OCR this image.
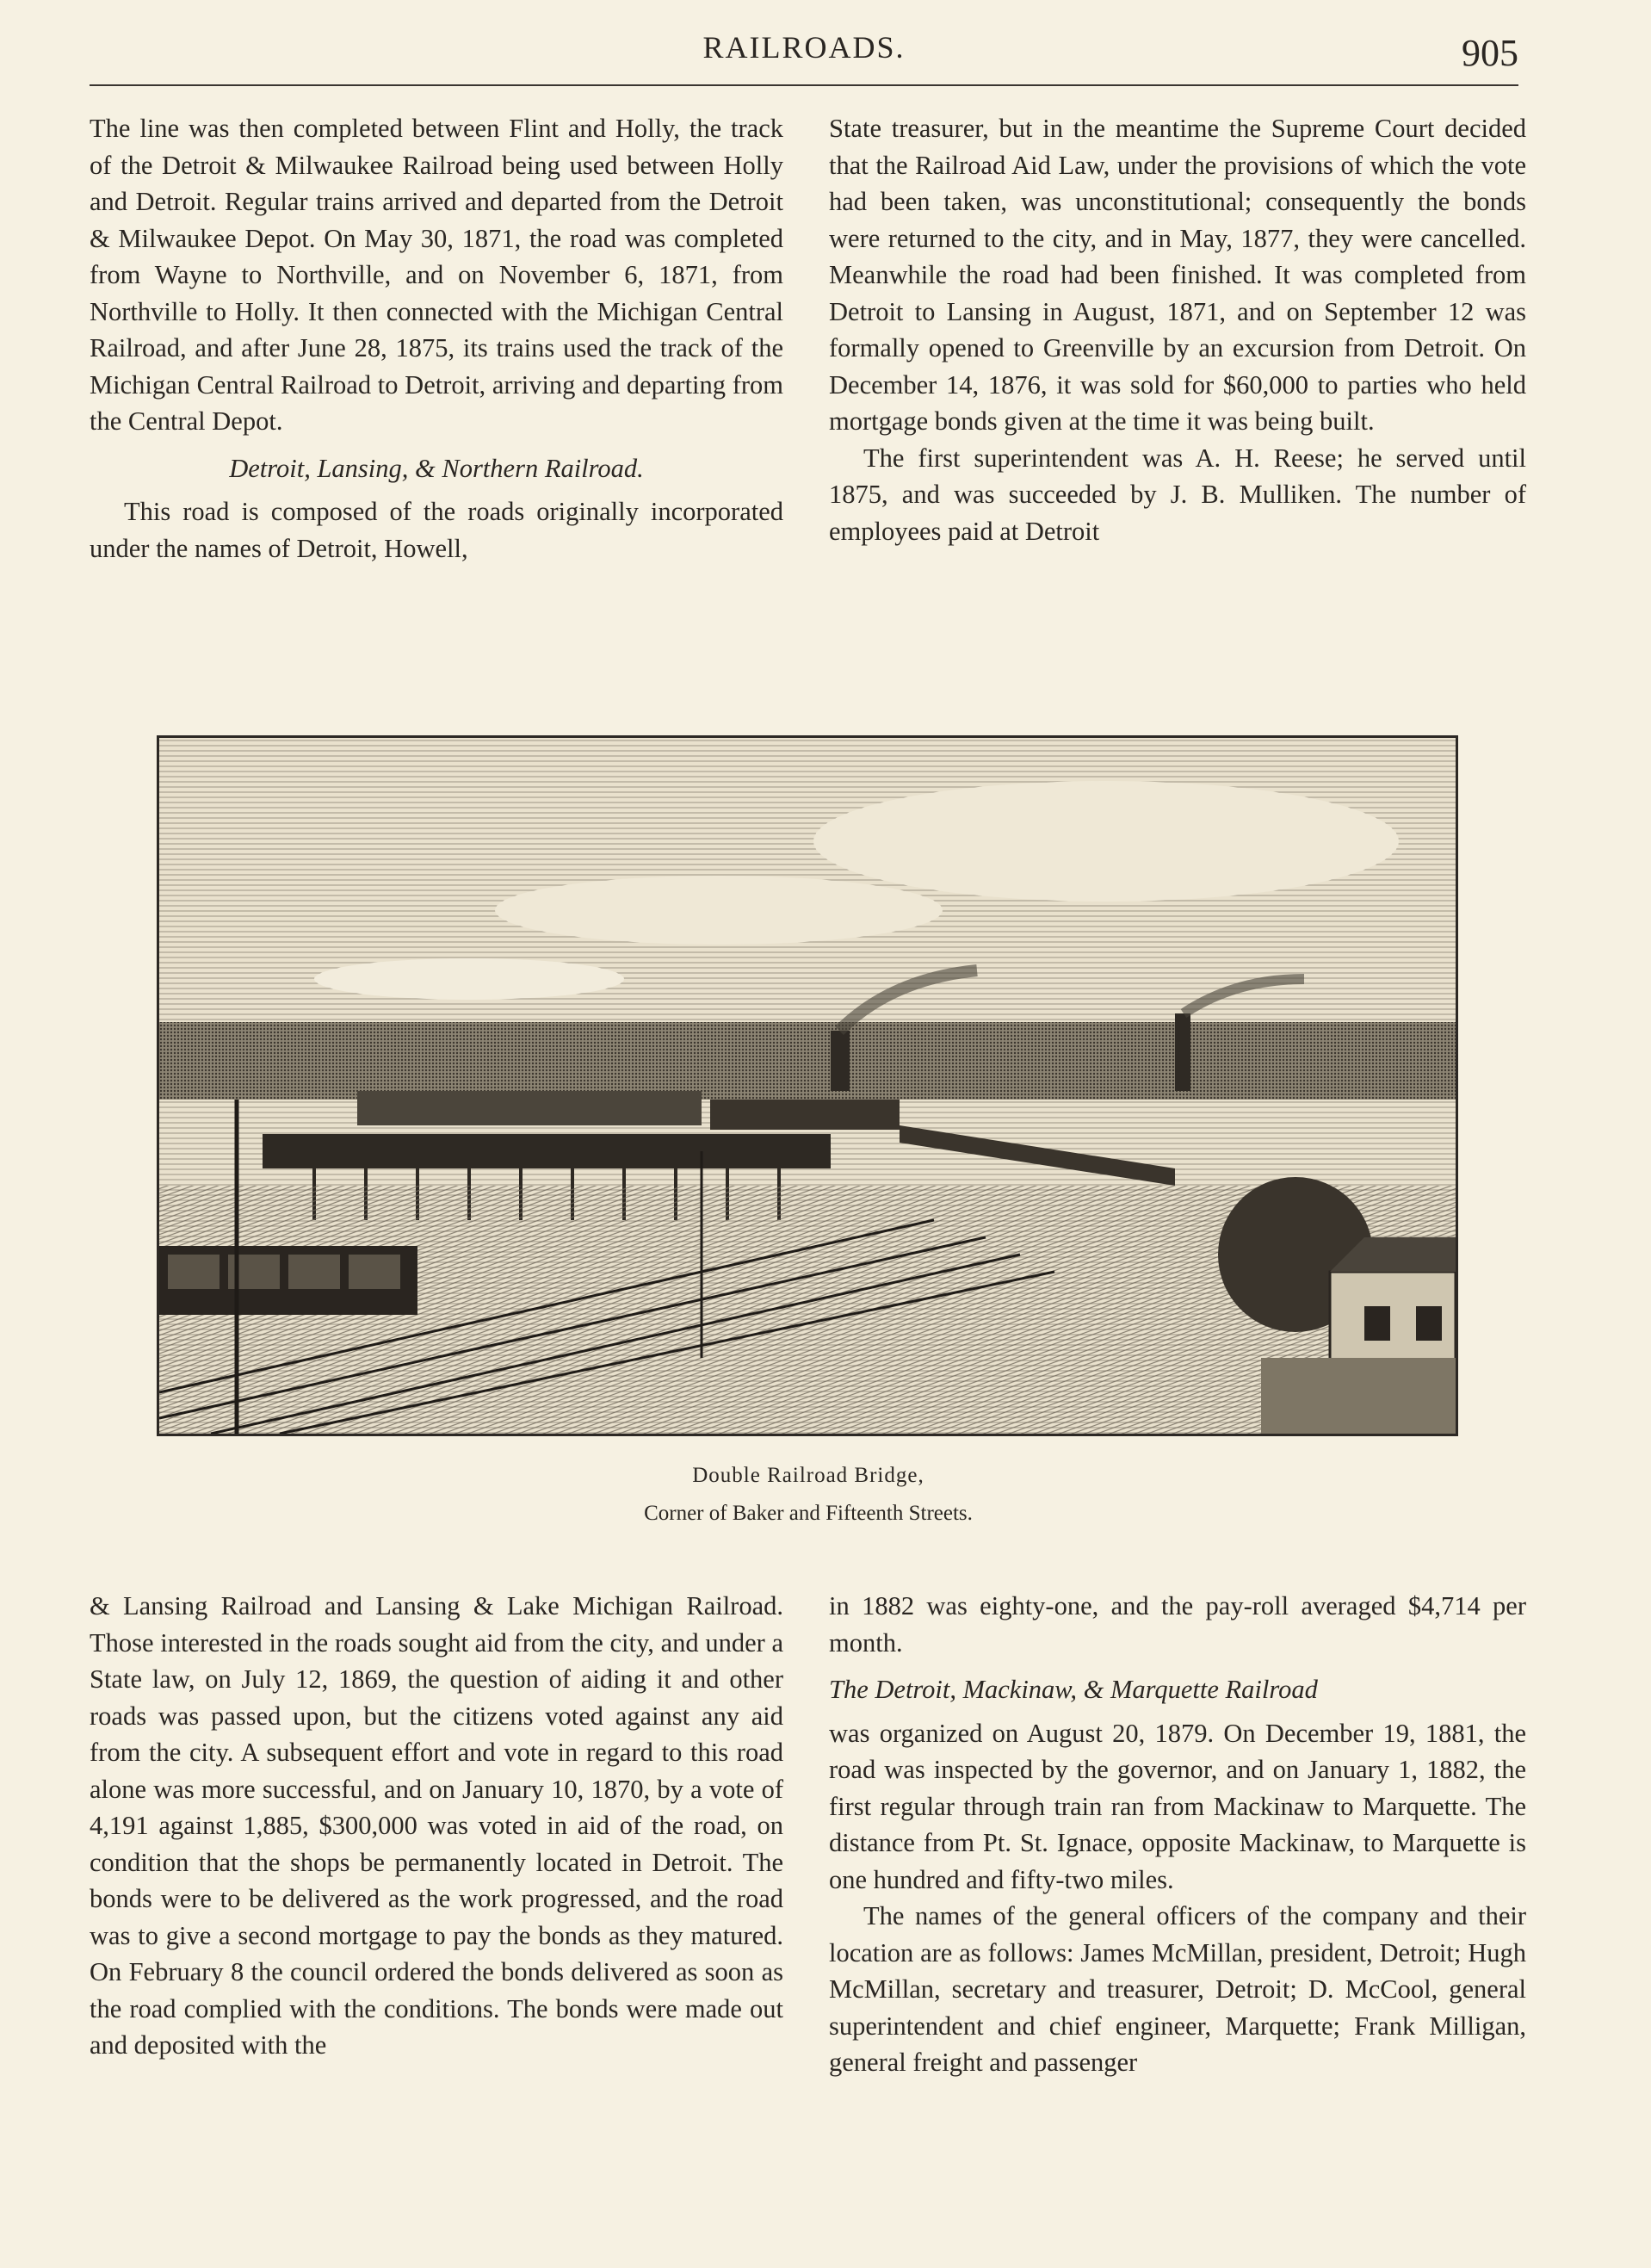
RAILROADS.	905

The line was then completed between Flint and Holly, the track of the Detroit & Milwaukee Railroad being used between Holly and Detroit. Regular trains arrived and departed from the Detroit & Milwaukee Depot. On May 30, 1871, the road was completed from Wayne to Northville, and on November 6, 1871, from Northville to Holly. It then connected with the Michigan Central Railroad, and after June 28, 1875, its trains used the track of the Michigan Central Railroad to Detroit, arriving and departing from the Central Depot.

Detroit, Lansing, & Northern Railroad.

This road is composed of the roads originally incorporated under the names of Detroit, Howell,

State treasurer, but in the meantime the Supreme Court decided that the Railroad Aid Law, under the provisions of which the vote had been taken, was unconstitutional; consequently the bonds were returned to the city, and in May, 1877, they were cancelled. Meanwhile the road had been finished. It was completed from Detroit to Lansing in August, 1871, and on September 12 was formally opened to Greenville by an excursion from Detroit. On December 14, 1876, it was sold for $60,000 to parties who held mortgage bonds given at the time it was being built.

The first superintendent was A. H. Reese; he served until 1875, and was succeeded by J. B. Mulliken. The number of employees paid at Detroit

Double Railroad Bridge,
Corner of Baker and Fifteenth Streets.

& Lansing Railroad and Lansing & Lake Michigan Railroad. Those interested in the roads sought aid from the city, and under a State law, on July 12, 1869, the question of aiding it and other roads was passed upon, but the citizens voted against any aid from the city. A subsequent effort and vote in regard to this road alone was more successful, and on January 10, 1870, by a vote of 4,191 against 1,885, $300,000 was voted in aid of the road, on condition that the shops be permanently located in Detroit. The bonds were to be delivered as the work progressed, and the road was to give a second mortgage to pay the bonds as they matured. On February 8 the council ordered the bonds delivered as soon as the road complied with the conditions. The bonds were made out and deposited with the

in 1882 was eighty-one, and the pay-roll averaged $4,714 per month.

The Detroit, Mackinaw, & Marquette Railroad

was organized on August 20, 1879. On December 19, 1881, the road was inspected by the governor, and on January 1, 1882, the first regular through train ran from Mackinaw to Marquette. The distance from Pt. St. Ignace, opposite Mackinaw, to Marquette is one hundred and fifty-two miles.

The names of the general officers of the company and their location are as follows: James McMillan, president, Detroit; Hugh McMillan, secretary and treasurer, Detroit; D. McCool, general superintendent and chief engineer, Marquette; Frank Milligan, general freight and passenger
